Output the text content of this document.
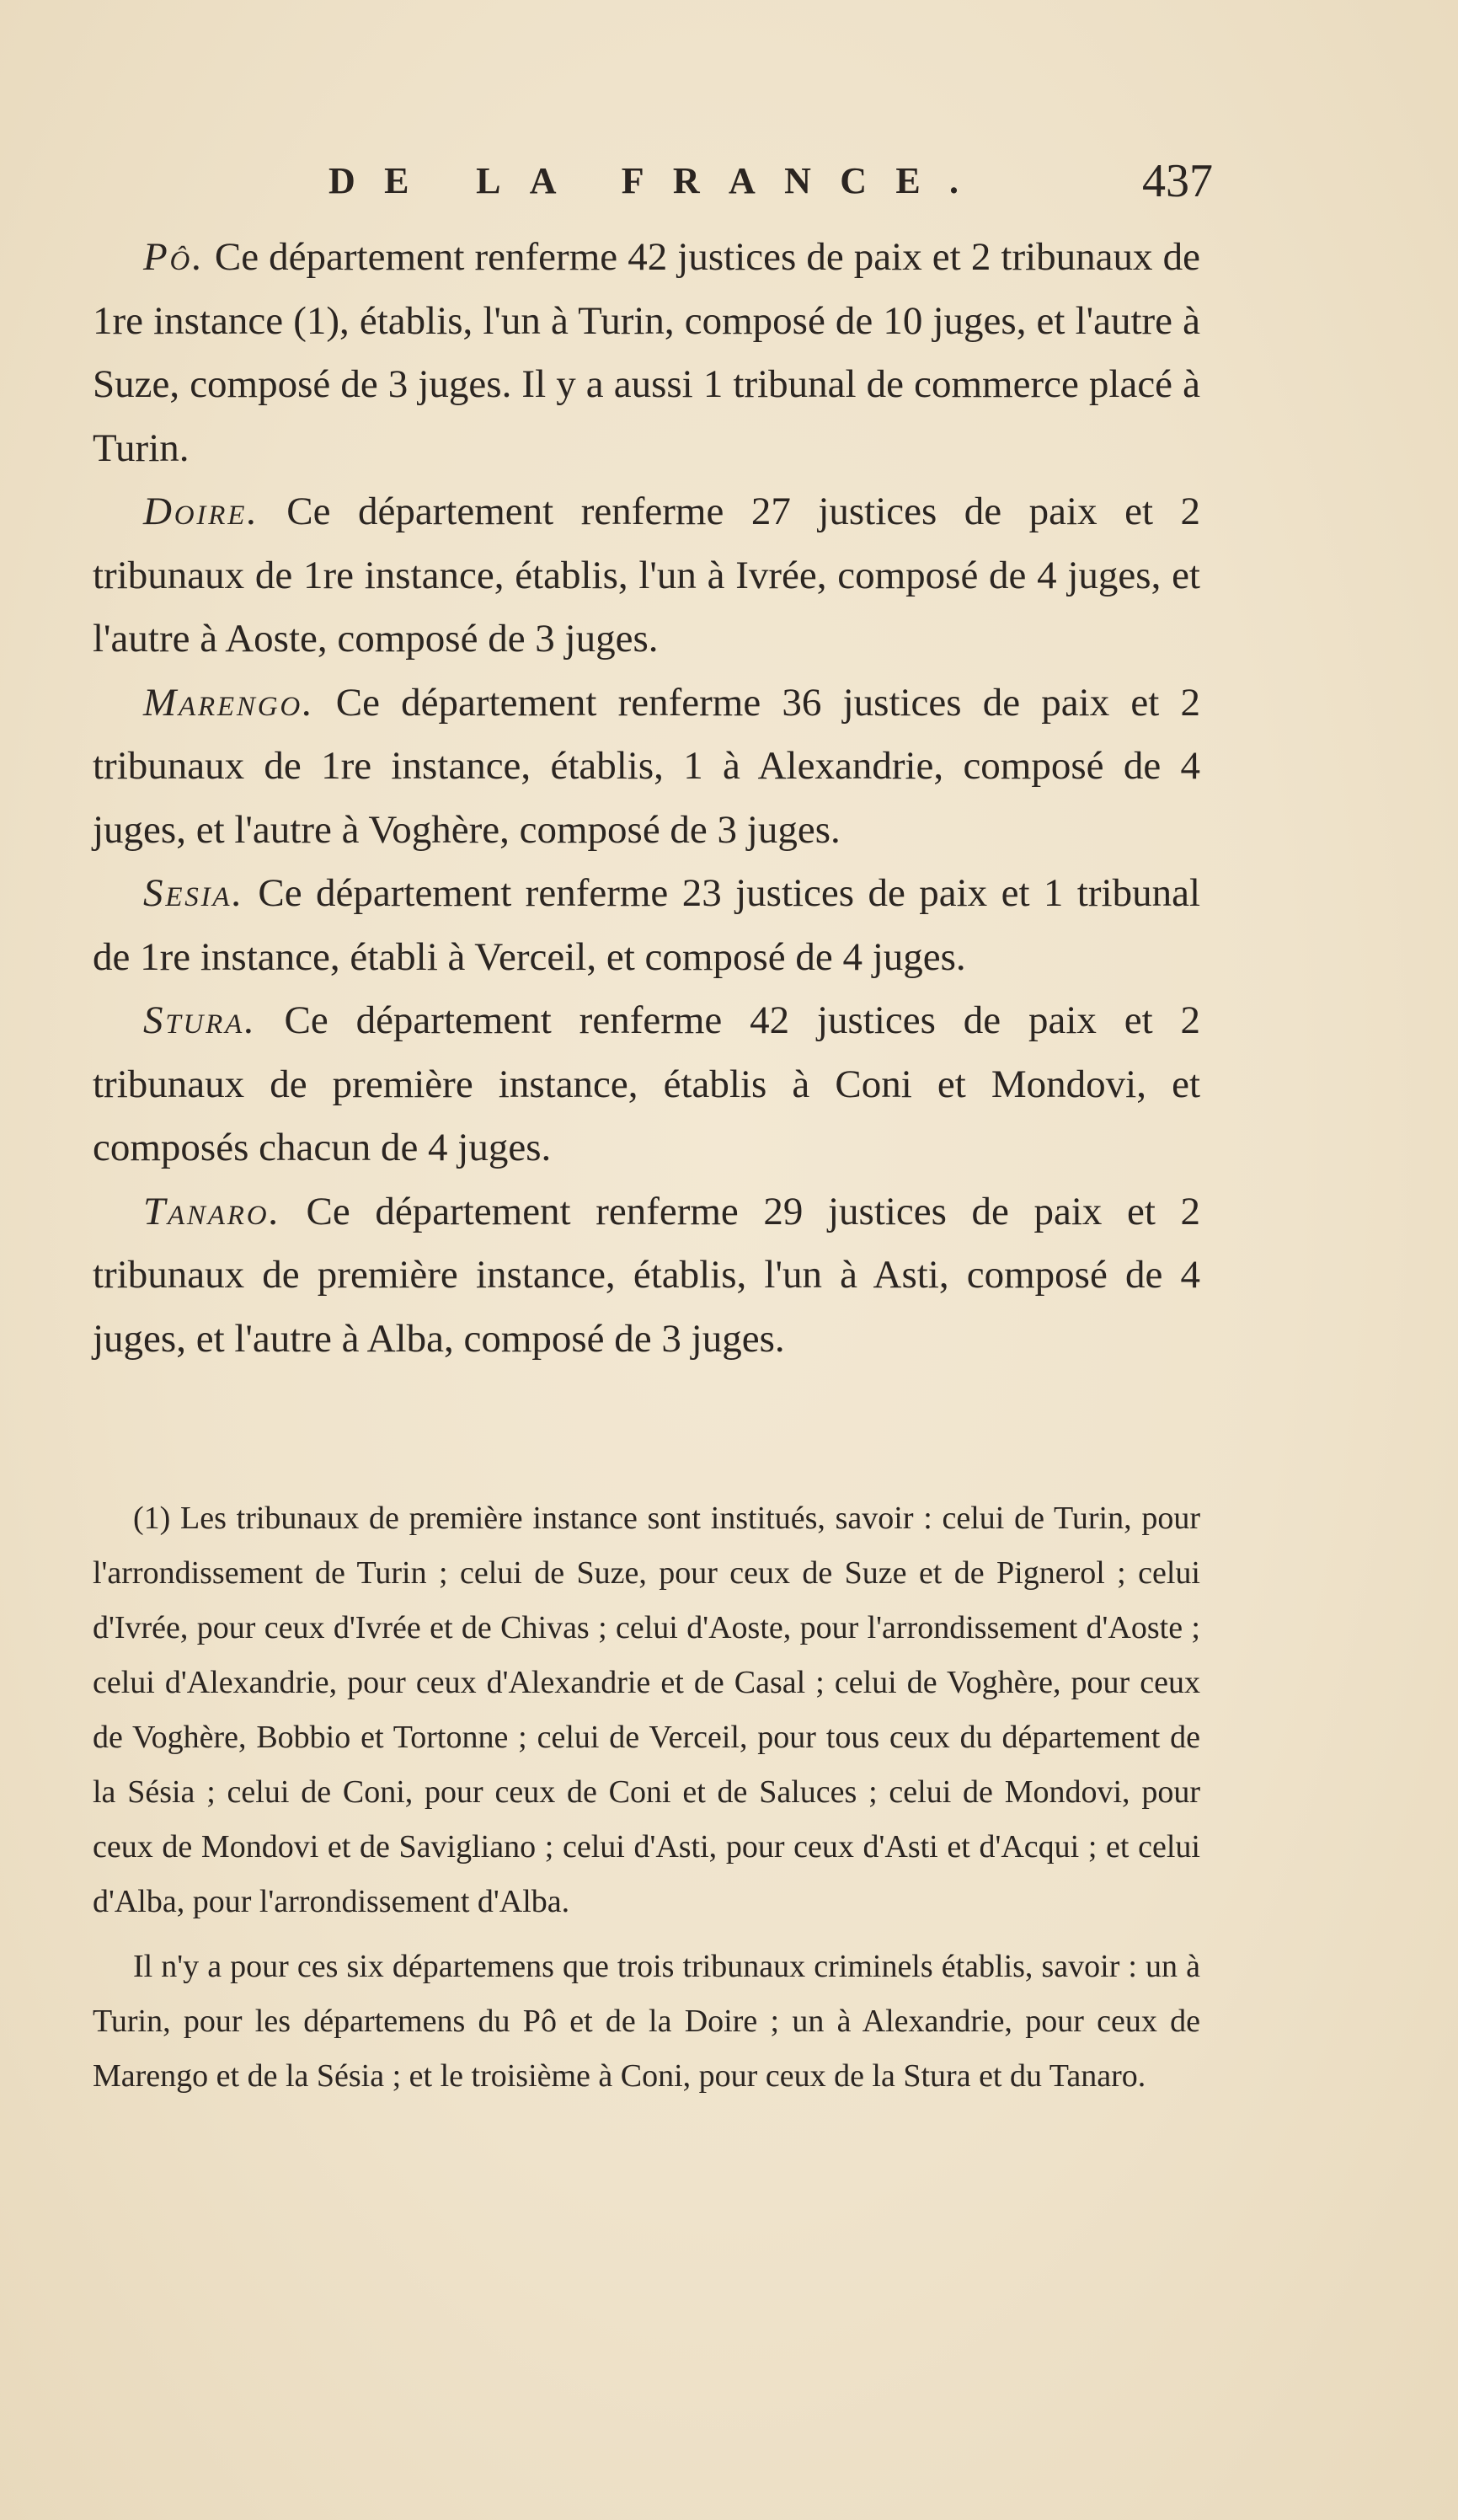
DE LA FRANCE.	437

Pô. Ce département renferme 42 justices de paix et 2 tribunaux de 1re instance (1), établis, l'un à Turin, composé de 10 juges, et l'autre à Suze, composé de 3 juges. Il y a aussi 1 tribunal de commerce placé à Turin.

Doire. Ce département renferme 27 justices de paix et 2 tribunaux de 1re instance, établis, l'un à Ivrée, composé de 4 juges, et l'autre à Aoste, composé de 3 juges.

Marengo. Ce département renferme 36 justices de paix et 2 tribunaux de 1re instance, établis, 1 à Alexandrie, composé de 4 juges, et l'autre à Voghère, composé de 3 juges.

Sesia. Ce département renferme 23 justices de paix et 1 tribunal de 1re instance, établi à Verceil, et composé de 4 juges.

Stura. Ce département renferme 42 justices de paix et 2 tribunaux de première instance, établis à Coni et Mondovi, et composés chacun de 4 juges.

Tanaro. Ce département renferme 29 justices de paix et 2 tribunaux de première instance, établis, l'un à Asti, composé de 4 juges, et l'autre à Alba, composé de 3 juges.

(1) Les tribunaux de première instance sont institués, savoir : celui de Turin, pour l'arrondissement de Turin ; celui de Suze, pour ceux de Suze et de Pignerol ; celui d'Ivrée, pour ceux d'Ivrée et de Chivas ; celui d'Aoste, pour l'arrondissement d'Aoste ; celui d'Alexandrie, pour ceux d'Alexandrie et de Casal ; celui de Voghère, pour ceux de Voghère, Bobbio et Tortonne ; celui de Verceil, pour tous ceux du département de la Sésia ; celui de Coni, pour ceux de Coni et de Saluces ; celui de Mondovi, pour ceux de Mondovi et de Savigliano ; celui d'Asti, pour ceux d'Asti et d'Acqui ; et celui d'Alba, pour l'arrondissement d'Alba.

Il n'y a pour ces six départemens que trois tribunaux criminels établis, savoir : un à Turin, pour les départemens du Pô et de la Doire ; un à Alexandrie, pour ceux de Marengo et de la Sésia ; et le troisième à Coni, pour ceux de la Stura et du Tanaro.
